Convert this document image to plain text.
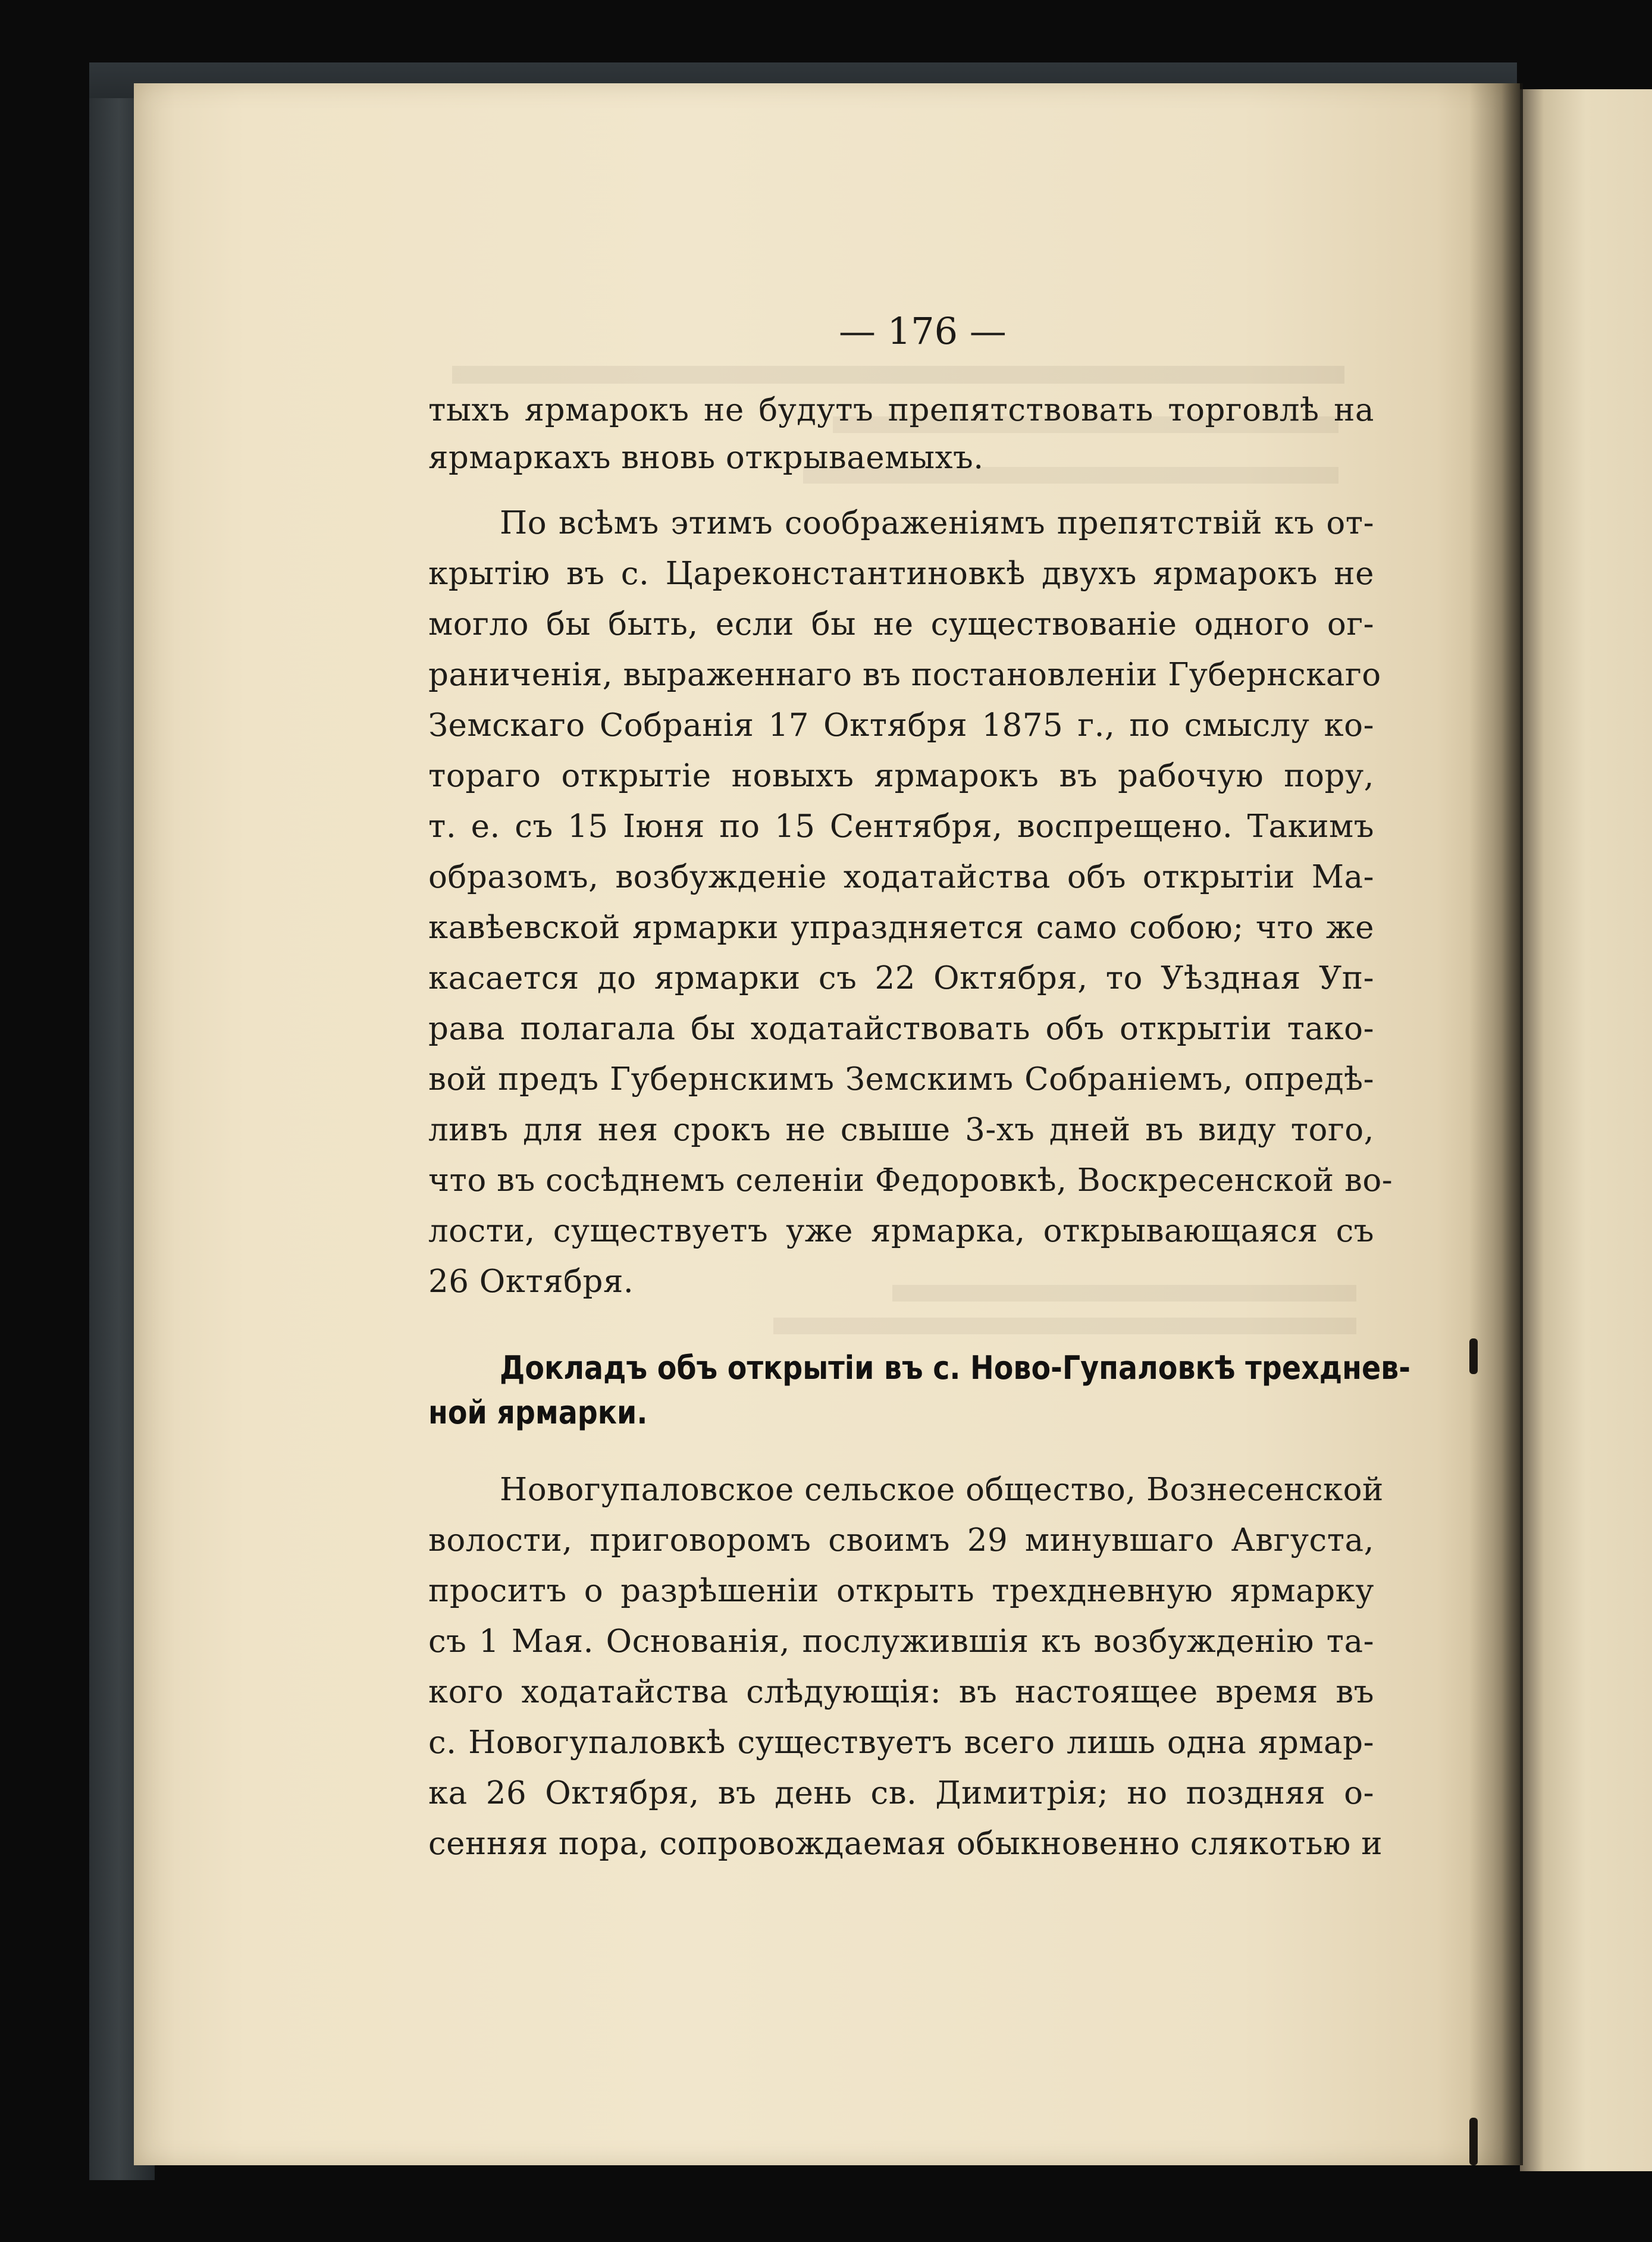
— 176 —
тыхъ ярмарокъ не будутъ препятствовать торговлѣ на
ярмаркахъ вновь открываемыхъ.
По всѣмъ этимъ соображеніямъ препятствій къ от-
крытію въ с. Цареконстантиновкѣ двухъ ярмарокъ не
могло бы быть, если бы не существованіе одного ог-
раниченія, выраженнаго въ постановленіи Губернскаго
Земскаго Собранія 17 Октября 1875 г., по смыслу ко-
тораго открытіе новыхъ ярмарокъ въ рабочую пору,
т. е. съ 15 Іюня по 15 Сентября, воспрещено. Такимъ
образомъ, возбужденіе ходатайства объ открытіи Ма-
кавѣевской ярмарки упраздняется само собою; что же
касается до ярмарки съ 22 Октября, то Уѣздная Уп-
рава полагала бы ходатайствовать объ открытіи тако-
вой предъ Губернскимъ Земскимъ Собраніемъ, опредѣ-
ливъ для нея срокъ не свыше 3-хъ дней въ виду того,
что въ сосѣднемъ селеніи Федоровкѣ, Воскресенской во-
лости, существуетъ уже ярмарка, открывающаяся съ
26 Октября.
Докладъ объ открытіи въ с. Ново-Гупаловкѣ трехднев-
ной ярмарки.
Новогупаловское сельское общество, Вознесенской
волости, приговоромъ своимъ 29 минувшаго Августа,
проситъ о разрѣшеніи открыть трехдневную ярмарку
съ 1 Мая. Основанія, послужившія къ возбужденію та-
кого ходатайства слѣдующія: въ настоящее время въ
с. Новогупаловкѣ существуетъ всего лишь одна ярмар-
ка 26 Октября, въ день св. Димитрія; но поздняя о-
сенняя пора, сопровождаемая обыкновенно слякотью и
